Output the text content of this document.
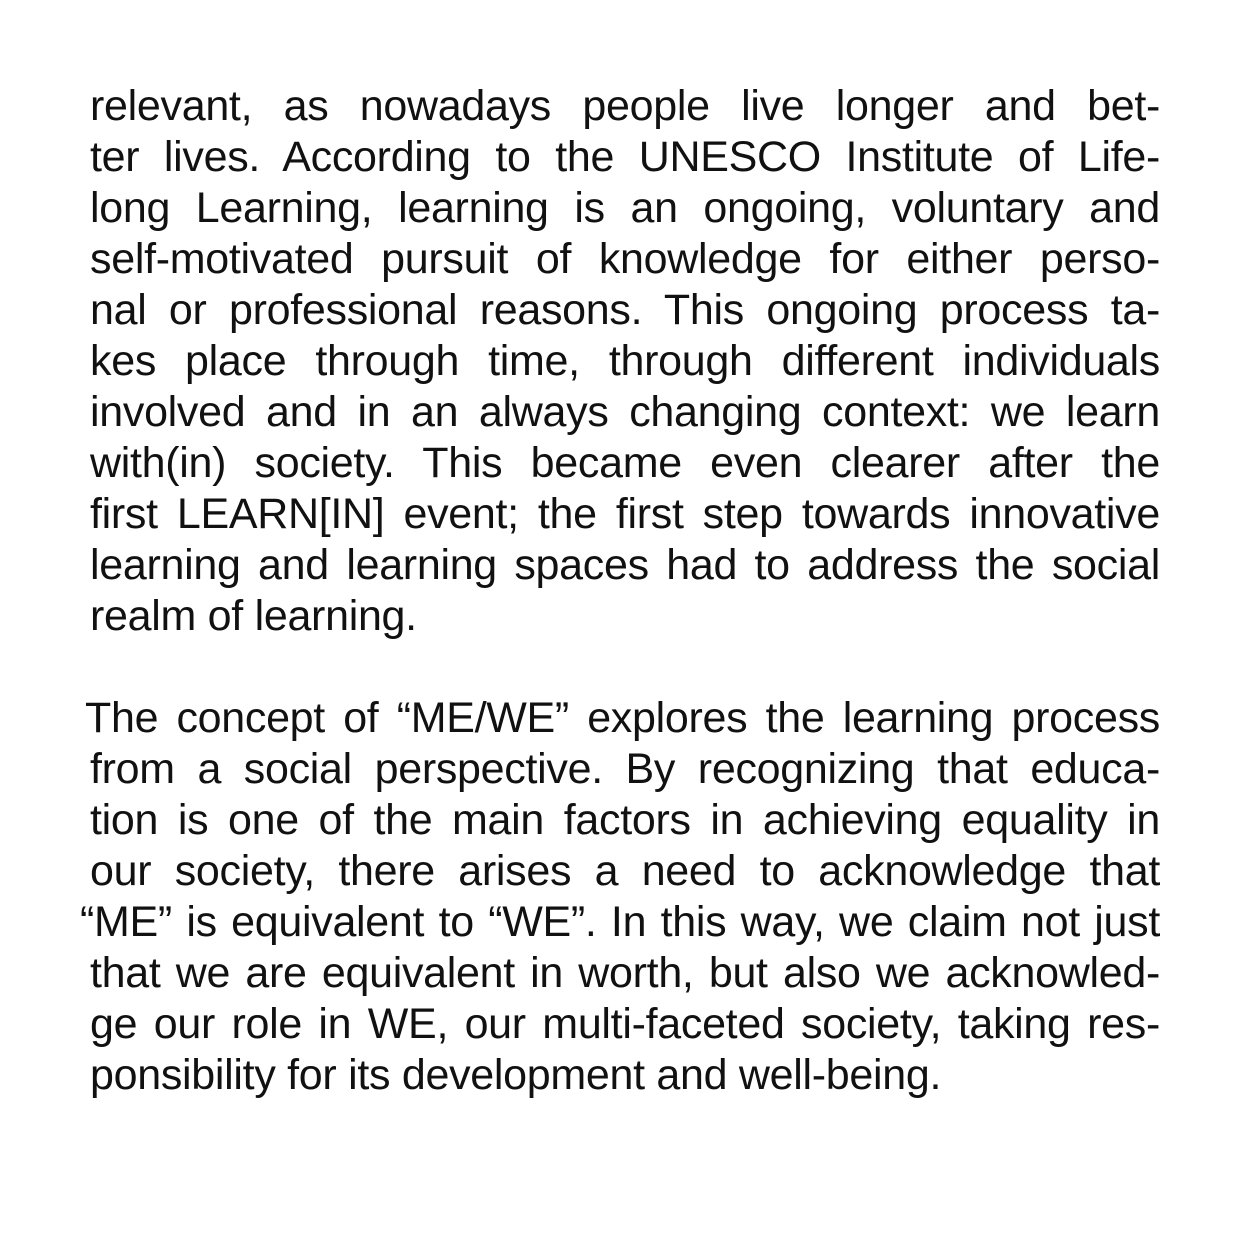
relevant, as nowadays people live longer and bet-
ter lives. According to the UNESCO Institute of Life-
long Learning, learning is an ongoing, voluntary and
self-motivated pursuit of knowledge for either perso-
nal or professional reasons. This ongoing process ta-
kes place through time, through different individuals
involved and in an always changing context: we learn
with(in) society. This became even clearer after the
first LEARN[IN] event; the first step towards innovative
learning and learning spaces had to address the social
realm of learning.

The concept of “ME/WE” explores the learning process
from a social perspective. By recognizing that educa-
tion is one of the main factors in achieving equality in
our society, there arises a need to acknowledge that
“ME” is equivalent to “WE”. In this way, we claim not just
that we are equivalent in worth, but also we acknowled-
ge our role in WE, our multi-faceted society, taking res-
ponsibility for its development and well-being.
